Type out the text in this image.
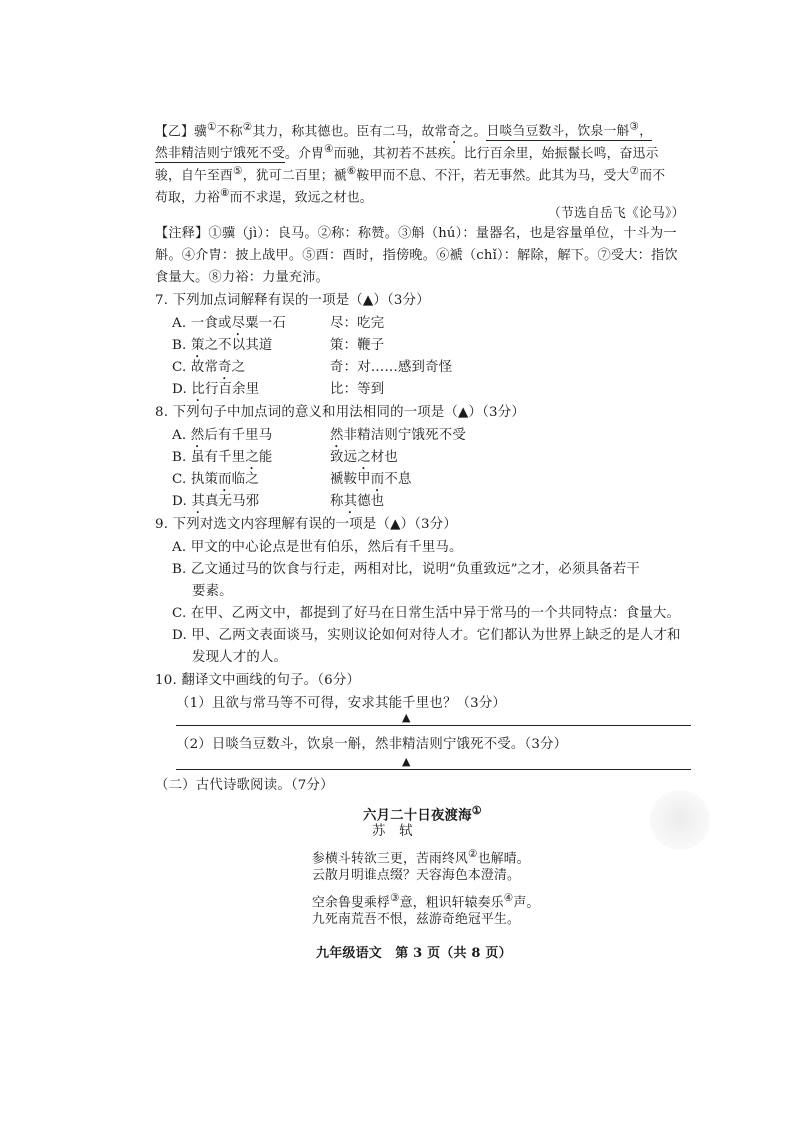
【乙】骥①不称②其力，称其德也。臣有二马，故常奇之。日啖刍豆数斗，饮泉一斛③，
然非精洁则宁饿死不受。介胄④而驰，其初若不甚疾。比行百余里，始振鬣长鸣，奋迅示
骏，自午至酉⑤，犹可二百里；褫⑥鞍甲而不息、不汗，若无事然。此其为马，受大⑦而不
苟取，力裕⑧而不求逞，致远之材也。
（节选自岳飞《论马》）
【注释】①骥（jì）：良马。②称：称赞。③斛（hú）：量器名，也是容量单位，十斗为一
斛。④介胄：披上战甲。⑤酉：酉时，指傍晚。⑥褫（chǐ）：解除，解下。⑦受大：指饮
食量大。⑧力裕：力量充沛。
7. 下列加点词解释有误的一项是（▲）（3分）
A. 一食或尽粟一石	尽：吃完
B. 策之不以其道	策：鞭子
C. 故常奇之	奇：对……感到奇怪
D. 比行百余里	比：等到
8. 下列句子中加点词的意义和用法相同的一项是（▲）（3分）
A. 然后有千里马	然非精洁则宁饿死不受
B. 虽有千里之能	致远之材也
C. 执策而临之	褫鞍甲而不息
D. 其真无马邪	称其德也
9. 下列对选文内容理解有误的一项是（▲）（3分）
A. 甲文的中心论点是世有伯乐，然后有千里马。
B. 乙文通过马的饮食与行走，两相对比，说明“负重致远”之才，必须具备若干
要素。
C. 在甲、乙两文中，都提到了好马在日常生活中异于常马的一个共同特点：食量大。
D. 甲、乙两文表面谈马，实则议论如何对待人才。它们都认为世界上缺乏的是人才和
发现人才的人。
10. 翻译文中画线的句子。（6分）
（1）且欲与常马等不可得，安求其能千里也？（3分）
▲
（2）日啖刍豆数斗，饮泉一斛，然非精洁则宁饿死不受。（3分）
▲
（二）古代诗歌阅读。（7分）
六月二十日夜渡海①
苏　轼
参横斗转欲三更，苦雨终风②也解晴。
云散月明谁点缀？天容海色本澄清。
空余鲁叟乘桴③意，粗识轩辕奏乐④声。
九死南荒吾不恨，兹游奇绝冠平生。
九年级语文　第 3 页（共 8 页）
